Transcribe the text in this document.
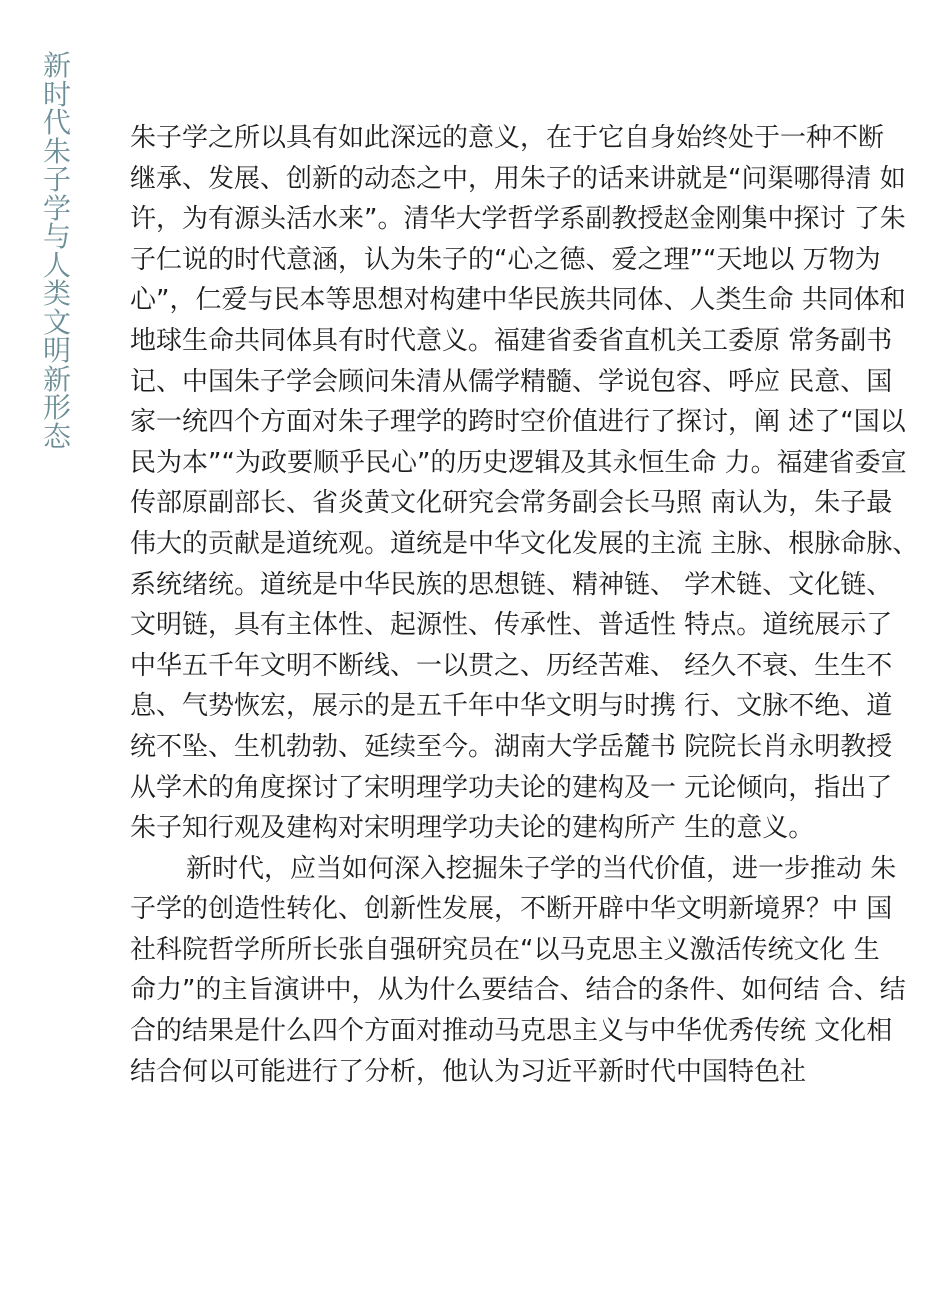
新时代朱子学与人类文明新形态
朱子学之所以具有如此深远的意义，在于它自身始终处于一种不断
继承、发展、创新的动态之中，用朱子的话来讲就是“问渠哪得清 如
许，为有源头活水来”。清华大学哲学系副教授赵金刚集中探讨 了朱
子仁说的时代意涵，认为朱子的“心之德、爱之理”“天地以 万物为
心”，仁爱与民本等思想对构建中华民族共同体、人类生命 共同体和
地球生命共同体具有时代意义。福建省委省直机关工委原 常务副书
记、中国朱子学会顾问朱清从儒学精髓、学说包容、呼应 民意、国
家一统四个方面对朱子理学的跨时空价值进行了探讨，阐 述了“国以
民为本”“为政要顺乎民心”的历史逻辑及其永恒生命 力。福建省委宣
传部原副部长、省炎黄文化研究会常务副会长马照 南认为，朱子最
伟大的贡献是道统观。道统是中华文化发展的主流 主脉、根脉命脉、
系统绪统。道统是中华民族的思想链、精神链、 学术链、文化链、
文明链，具有主体性、起源性、传承性、普适性 特点。道统展示了
中华五千年文明不断线、一以贯之、历经苦难、 经久不衰、生生不
息、气势恢宏，展示的是五千年中华文明与时携 行、文脉不绝、道
统不坠、生机勃勃、延续至今。湖南大学岳麓书 院院长肖永明教授
从学术的角度探讨了宋明理学功夫论的建构及一 元论倾向，指出了
朱子知行观及建构对宋明理学功夫论的建构所产 生的意义。
新时代，应当如何深入挖掘朱子学的当代价值，进一步推动 朱
子学的创造性转化、创新性发展，不断开辟中华文明新境界？中 国
社科院哲学所所长张自强研究员在“以马克思主义激活传统文化 生
命力”的主旨演讲中，从为什么要结合、结合的条件、如何结 合、结
合的结果是什么四个方面对推动马克思主义与中华优秀传统 文化相
结合何以可能进行了分析，他认为习近平新时代中国特色社
